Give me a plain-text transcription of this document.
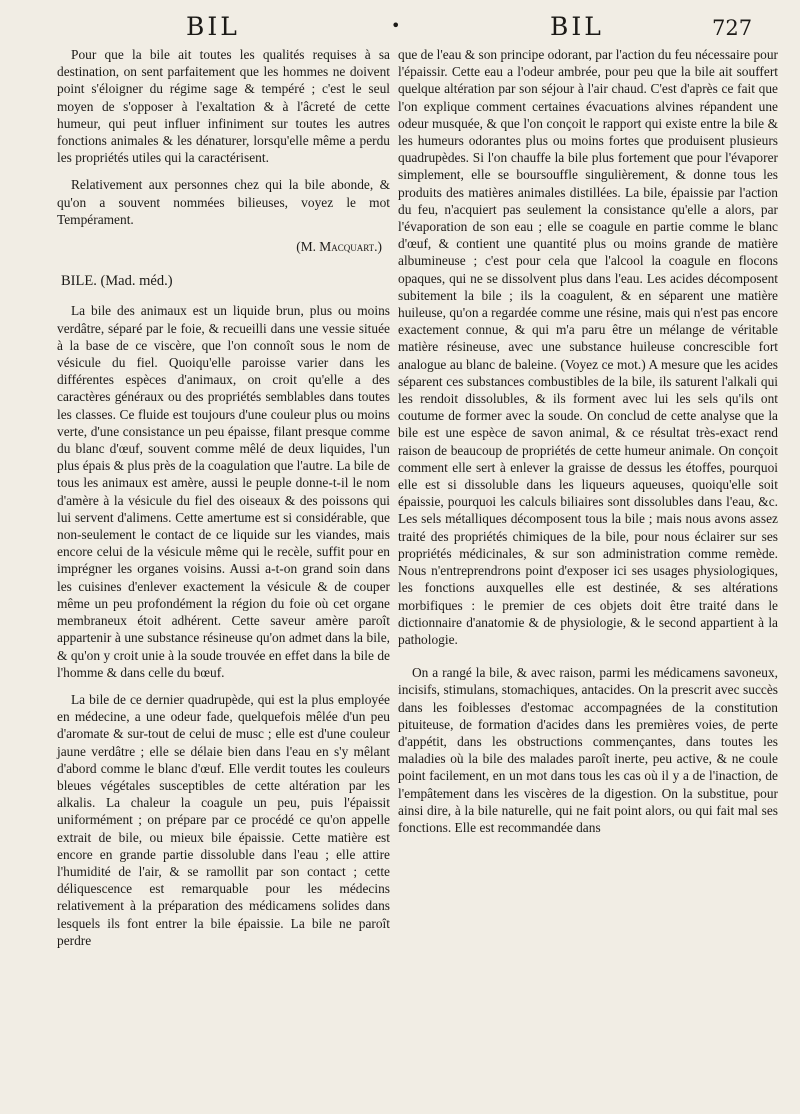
BIL	•	BIL	727

Pour que la bile ait toutes les qualités requises à sa destination, on sent parfaitement que les hommes ne doivent point s'éloigner du régime sage & tempéré ; c'est le seul moyen de s'opposer à l'exaltation & à l'âcreté de cette humeur, qui peut influer infiniment sur toutes les autres fonctions animales & les dénaturer, lorsqu'elle même a perdu les propriétés utiles qui la caractérisent.

Relativement aux personnes chez qui la bile abonde, & qu'on a souvent nommées bilieuses, voyez le mot Tempérament.

(M. Macquart.)

BILE. (Mad. méd.)

La bile des animaux est un liquide brun, plus ou moins verdâtre, séparé par le foie, & recueilli dans une vessie située à la base de ce viscère, que l'on connoît sous le nom de vésicule du fiel. Quoiqu'elle paroisse varier dans les différentes espèces d'animaux, on croit qu'elle a des caractères généraux ou des propriétés semblables dans toutes les classes. Ce fluide est toujours d'une couleur plus ou moins verte, d'une consistance un peu épaisse, filant presque comme du blanc d'œuf, souvent comme mêlé de deux liquides, l'un plus épais & plus près de la coagulation que l'autre. La bile de tous les animaux est amère, aussi le peuple donne-t-il le nom d'amère à la vésicule du fiel des oiseaux & des poissons qui lui servent d'alimens. Cette amertume est si considérable, que non-seulement le contact de ce liquide sur les viandes, mais encore celui de la vésicule même qui le recèle, suffit pour en imprégner les organes voisins. Aussi a-t-on grand soin dans les cuisines d'enlever exactement la vésicule & de couper même un peu profondément la région du foie où cet organe membraneux étoit adhérent. Cette saveur amère paroît appartenir à une substance résineuse qu'on admet dans la bile, & qu'on y croit unie à la soude trouvée en effet dans la bile de l'homme & dans celle du bœuf.

La bile de ce dernier quadrupède, qui est la plus employée en médecine, a une odeur fade, quelquefois mêlée d'un peu d'aromate & sur-tout de celui de musc ; elle est d'une couleur jaune verdâtre ; elle se délaie bien dans l'eau en s'y mêlant d'abord comme le blanc d'œuf. Elle verdit toutes les couleurs bleues végétales susceptibles de cette altération par les alkalis. La chaleur la coagule un peu, puis l'épaissit uniformément ; on prépare par ce procédé ce qu'on appelle extrait de bile, ou mieux bile épaissie. Cette matière est encore en grande partie dissoluble dans l'eau ; elle attire l'humidité de l'air, & se ramollit par son contact ; cette déliquescence est remarquable pour les médecins relativement à la préparation des médicamens solides dans lesquels ils font entrer la bile épaissie. La bile ne paroît perdre

que de l'eau & son principe odorant, par l'action du feu nécessaire pour l'épaissir. Cette eau a l'odeur ambrée, pour peu que la bile ait souffert quelque altération par son séjour à l'air chaud. C'est d'après ce fait que l'on explique comment certaines évacuations alvines répandent une odeur musquée, & que l'on conçoit le rapport qui existe entre la bile & les humeurs odorantes plus ou moins fortes que produisent plusieurs quadrupèdes. Si l'on chauffe la bile plus fortement que pour l'évaporer simplement, elle se boursouffle singulièrement, & donne tous les produits des matières animales distillées. La bile, épaissie par l'action du feu, n'acquiert pas seulement la consistance qu'elle a alors, par l'évaporation de son eau ; elle se coagule en partie comme le blanc d'œuf, & contient une quantité plus ou moins grande de matière albumineuse ; c'est pour cela que l'alcool la coagule en flocons opaques, qui ne se dissolvent plus dans l'eau. Les acides décomposent subitement la bile ; ils la coagulent, & en séparent une matière huileuse, qu'on a regardée comme une résine, mais qui n'est pas encore exactement connue, & qui m'a paru être un mélange de véritable matière résineuse, avec une substance huileuse concrescible fort analogue au blanc de baleine. (Voyez ce mot.) A mesure que les acides séparent ces substances combustibles de la bile, ils saturent l'alkali qui les rendoit dissolubles, & ils forment avec lui les sels qu'ils ont coutume de former avec la soude. On conclud de cette analyse que la bile est une espèce de savon animal, & ce résultat très-exact rend raison de beaucoup de propriétés de cette humeur animale. On conçoit comment elle sert à enlever la graisse de dessus les étoffes, pourquoi elle est si dissoluble dans les liqueurs aqueuses, quoiqu'elle soit épaissie, pourquoi les calculs biliaires sont dissolubles dans l'eau, &c. Les sels métalliques décomposent tous la bile ; mais nous avons assez traité des propriétés chimiques de la bile, pour nous éclairer sur ses propriétés médicinales, & sur son administration comme remède. Nous n'entreprendrons point d'exposer ici ses usages physiologiques, les fonctions auxquelles elle est destinée, & ses altérations morbifiques : le premier de ces objets doit être traité dans le dictionnaire d'anatomie & de physiologie, & le second appartient à la pathologie.

On a rangé la bile, & avec raison, parmi les médicamens savoneux, incisifs, stimulans, stomachiques, antacides. On la prescrit avec succès dans les foiblesses d'estomac accompagnées de la constitution pituiteuse, de formation d'acides dans les premières voies, de perte d'appétit, dans les obstructions commençantes, dans toutes les maladies où la bile des malades paroît inerte, peu active, & ne coule point facilement, en un mot dans tous les cas où il y a de l'inaction, de l'empâtement dans les viscères de la digestion. On la substitue, pour ainsi dire, à la bile naturelle, qui ne fait point alors, ou qui fait mal ses fonctions. Elle est recommandée dans
